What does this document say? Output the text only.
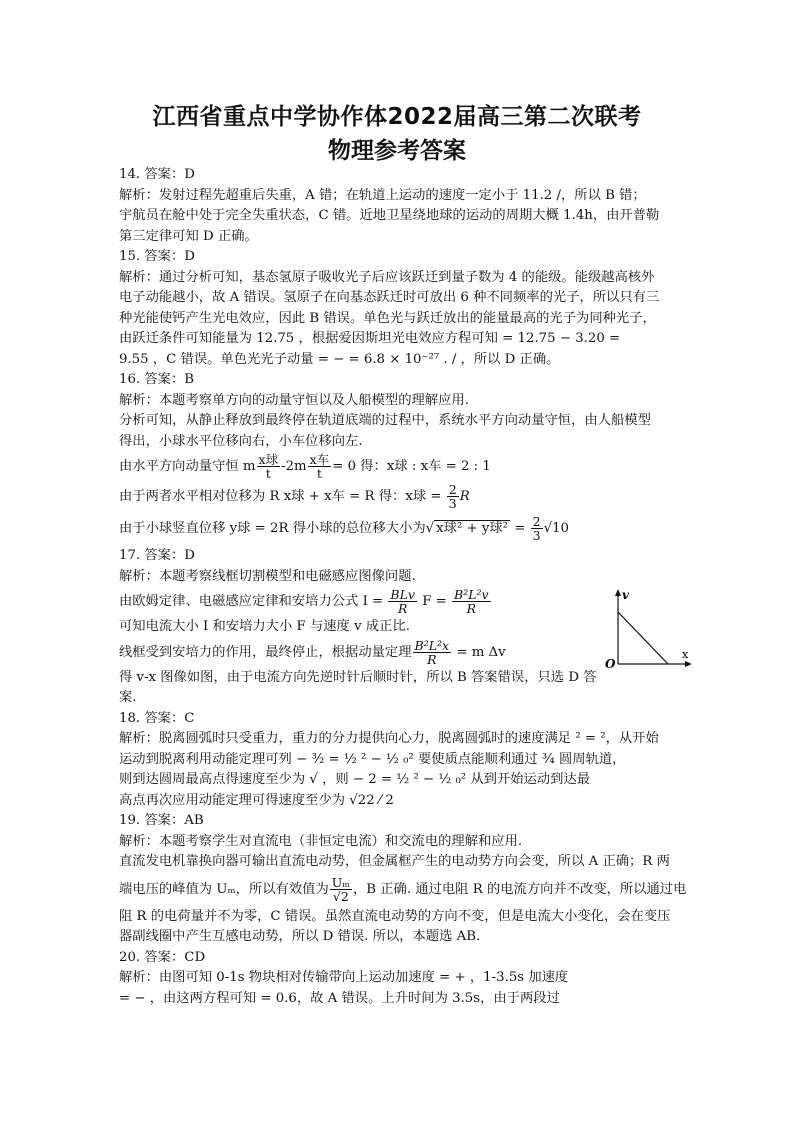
江西省重点中学协作体2022届高三第二次联考
物理参考答案
14. 答案：D
解析：发射过程先超重后失重，A 错；在轨道上运动的速度一定小于 11.2 /，所以 B 错；
宇航员在舱中处于完全失重状态，C 错。近地卫星绕地球的运动的周期大概 1.4h，由开普勒
第三定律可知 D 正确。
15. 答案：D
解析：通过分析可知，基态氢原子吸收光子后应该跃迁到量子数为 4 的能级。能级越高核外
电子动能越小，故 A 错误。氢原子在向基态跃迁时可放出 6 种不同频率的光子，所以只有三
种光能使钙产生光电效应，因此 B 错误。单色光与跃迁放出的能量最高的光子为同种光子，
由跃迁条件可知能量为 12.75 ，根据爱因斯坦光电效应方程可知 = 12.75 − 3.20 =
9.55 ，C 错误。单色光光子动量 = − = 6.8 × 10⁻²⁷ . / ，所以 D 正确。
16. 答案：B
解析：本题考察单方向的动量守恒以及人船模型的理解应用.
分析可知，从静止释放到最终停在轨道底端的过程中，系统水平方向动量守恒，由人船模型
得出，小球水平位移向右，小车位移向左.
由水平方向动量守恒 m $\frac{\text{x球}}{t} -2m \frac{\text{x车}}{t} = 0$ 得：x球 : x车 = 2 : 1
由于两者水平相对位移为 R x球 + x车 = R 得：x球 = $\frac{2}{3}$ R
由于小球竖直位移 y球 = 2R 得小球的总位移大小为√ x球² + y球$^2 = \frac{2}{3} √10$
17. 答案：D
解析：本题考察线框切割模型和电磁感应图像问题.
由欧姆定律、电磁感应定律和安培力公式 $I = \frac{\text{BLv}}{R}$ $F = \frac{\text{B²L²v}}{R}$
可知电流大小 I 和安培力大小 F 与速度 v 成正比.
线框受到安培力的作用，最终停止，根据动量定理 $\frac{\text{B²L²x}}{R} = m$ Δv
得 v-x 图像如图，由于电流方向先逆时针后顺时针，所以 B 答案错误，只选 D 答
案.
18. 答案：C
解析：脱离圆弧时只受重力，重力的分力提供向心力，脱离圆弧时的速度满足 ² = ²，从开始
运动到脱离利用动能定理可列 − ³⁄₂ = ½ ² − ½ ₀² 要使质点能顺利通过 ³⁄₄ 圆周轨道，
则到达圆周最高点得速度至少为 √ ，则 − 2 = ½ ² − ½ ₀² 从到开始运动到达最
高点再次应用动能定理可得速度至少为 √22 ⁄ 2
19. 答案：AB
解析：本题考察学生对直流电（非恒定电流）和交流电的理解和应用.
直流发电机靠换向器可输出直流电动势，但金属框产生的电动势方向会变，所以 A 正确；R 两
端电压的峰值为 Uₘ，所以有效值为 $\frac{\text{Uₘ}}{√2}$ ，B 正确. 通过电阻 R 的电流方向并不改变，所以通过电
阻 R 的电荷量并不为零，C 错误。虽然直流电动势的方向不变，但是电流大小变化，会在变压
器副线圈中产生互感电动势，所以 D 错误. 所以，本题选 AB.
20. 答案：CD
解析：由图可知 0-1s 物块相对传输带向上运动加速度 = + ，1-3.5s 加速度
= − ，由这两方程可知 = 0.6，故 A 错误。上升时间为 3.5s，由于两段过
v
x
O
